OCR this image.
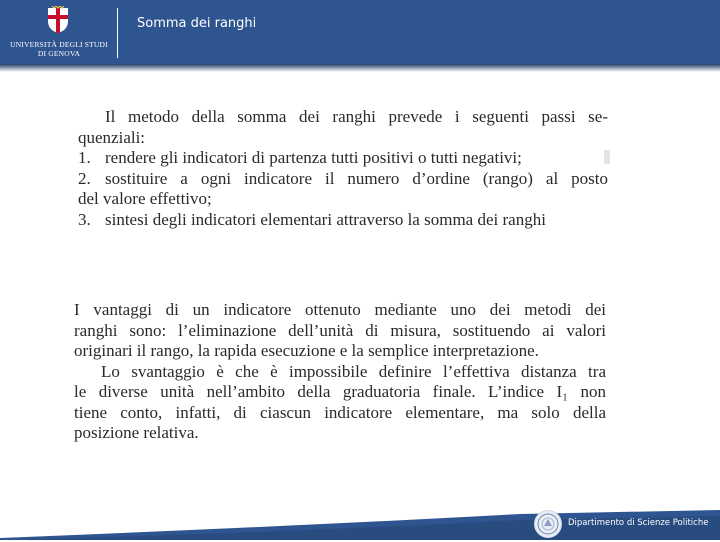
UNIVERSITÀ DEGLI STUDI
DI GENOVA
Somma dei ranghi
Il metodo della somma dei ranghi prevede i seguenti passi se-
quenziali:
1. rendere gli indicatori di partenza tutti positivi o tutti negativi;
2. sostituire a ogni indicatore il numero d’ordine (rango) al posto
del valore effettivo;
3. sintesi degli indicatori elementari attraverso la somma dei ranghi
I vantaggi di un indicatore ottenuto mediante uno dei metodi dei
ranghi sono: l’eliminazione dell’unità di misura, sostituendo ai valori
originari il rango, la rapida esecuzione e la semplice interpretazione.
Lo svantaggio è che è impossibile definire l’effettiva distanza tra
le diverse unità nell’ambito della graduatoria finale. L’indice I₁ non
tiene conto, infatti, di ciascun indicatore elementare, ma solo della
posizione relativa.
Dipartimento di Scienze Politiche
